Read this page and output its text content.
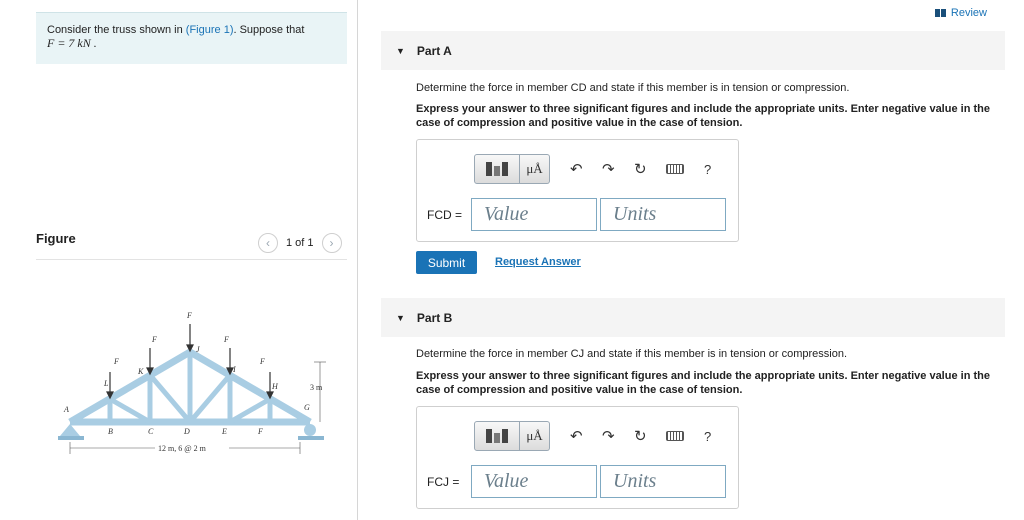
Consider the truss shown in (Figure 1). Suppose that
F = 7 kN .
Figure	‹	1 of 1	›
F
F
F
F
F
L
K
J
I
H
G
A
B	C	D	E	F
12 m, 6 @ 2 m
3 m
Review
▼ Part A
Determine the force in member CD and state if this member is in tension or compression.
Express your answer to three significant figures and include the appropriate units. Enter negative value in the case of compression and positive value in the case of tension.
μÅ	↶ ↷ ↻	?
FCD =	Value	Units
Submit	Request Answer
▼ Part B
Determine the force in member CJ and state if this member is in tension or compression.
Express your answer to three significant figures and include the appropriate units. Enter negative value in the case of compression and positive value in the case of tension.
μÅ	↶ ↷ ↻	?
FCJ =	Value	Units
